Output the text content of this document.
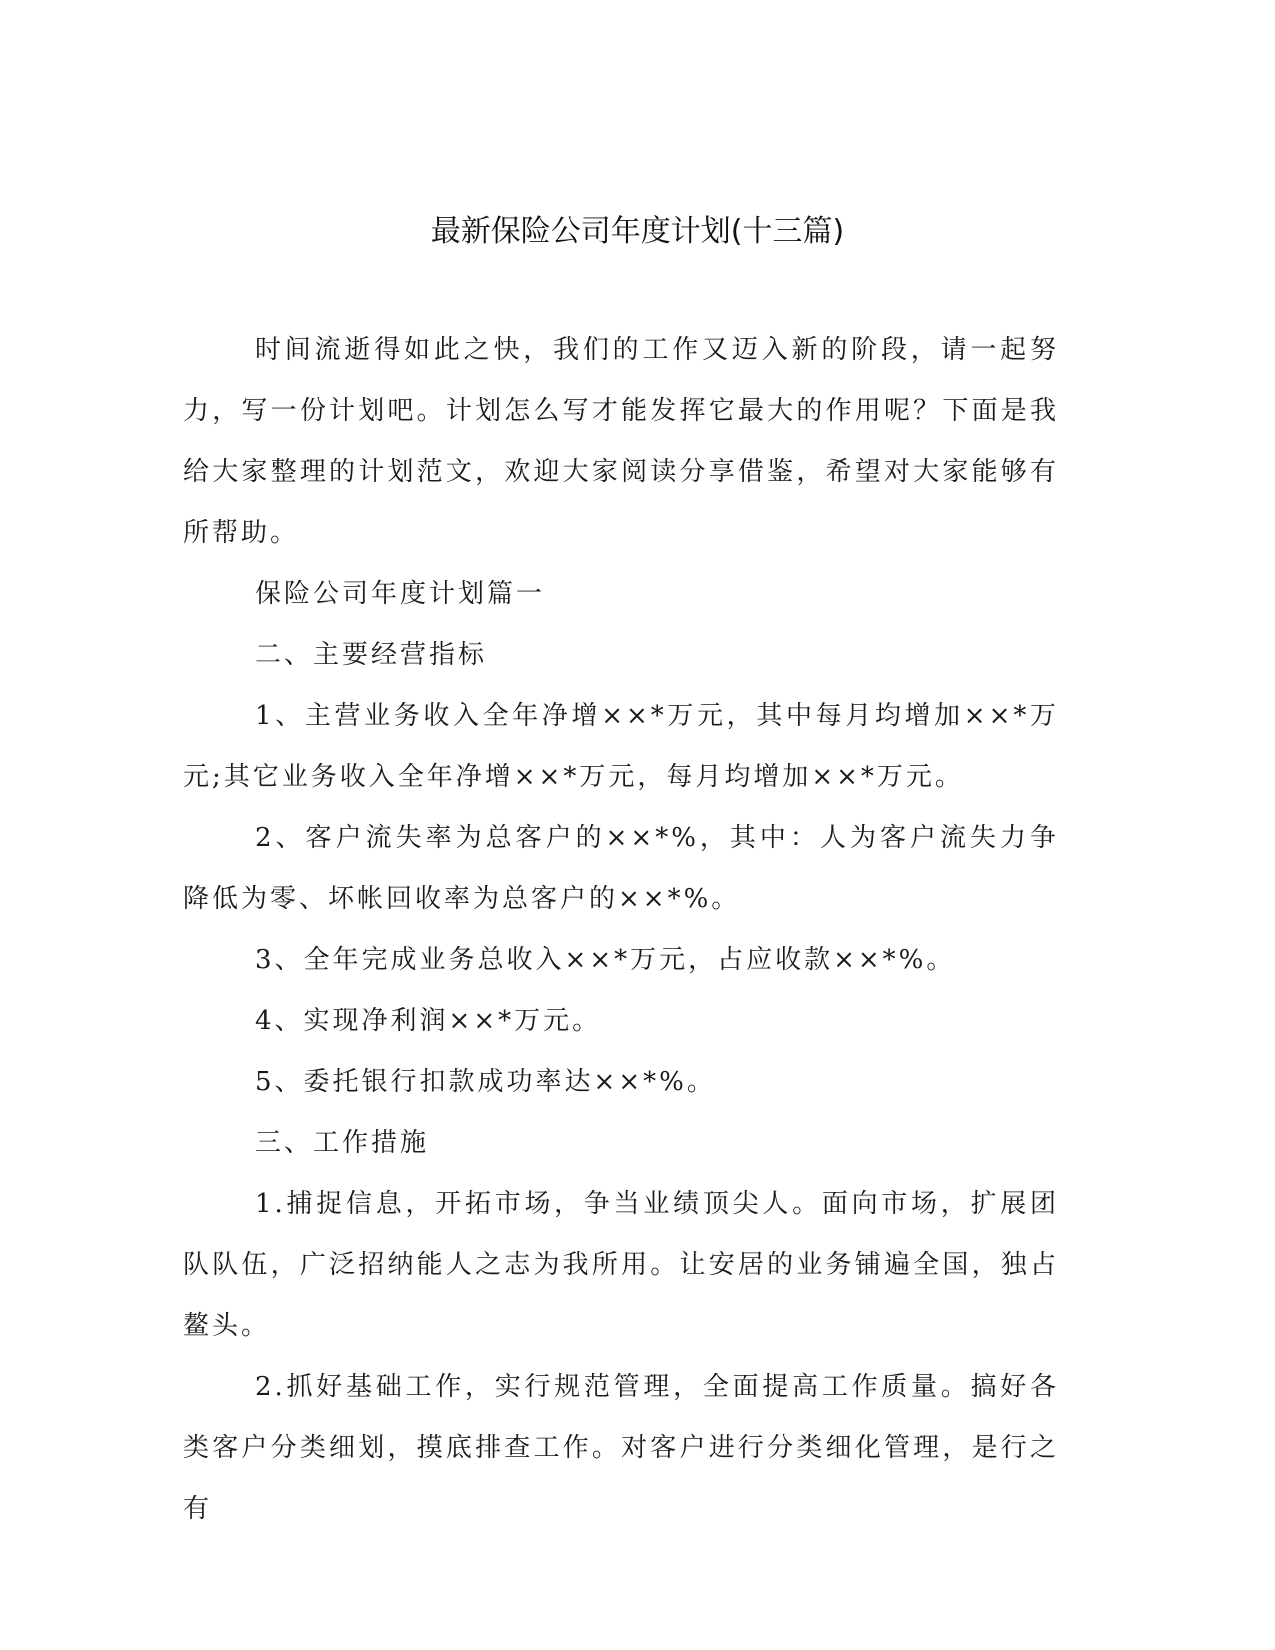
最新保险公司年度计划(十三篇)

时间流逝得如此之快，我们的工作又迈入新的阶段，请一起努力，写一份计划吧。计划怎么写才能发挥它最大的作用呢？下面是我给大家整理的计划范文，欢迎大家阅读分享借鉴，希望对大家能够有所帮助。

保险公司年度计划篇一

二、主要经营指标

1、主营业务收入全年净增××*万元，其中每月均增加××*万元;其它业务收入全年净增××*万元，每月均增加××*万元。

2、客户流失率为总客户的××*%，其中：人为客户流失力争降低为零、坏帐回收率为总客户的××*%。

3、全年完成业务总收入××*万元，占应收款××*%。

4、实现净利润××*万元。

5、委托银行扣款成功率达××*%。

三、工作措施

1.捕捉信息，开拓市场，争当业绩顶尖人。面向市场，扩展团队队伍，广泛招纳能人之志为我所用。让安居的业务铺遍全国，独占鳌头。

2.抓好基础工作，实行规范管理，全面提高工作质量。搞好各类客户分类细划，摸底排查工作。对客户进行分类细化管理，是行之有
